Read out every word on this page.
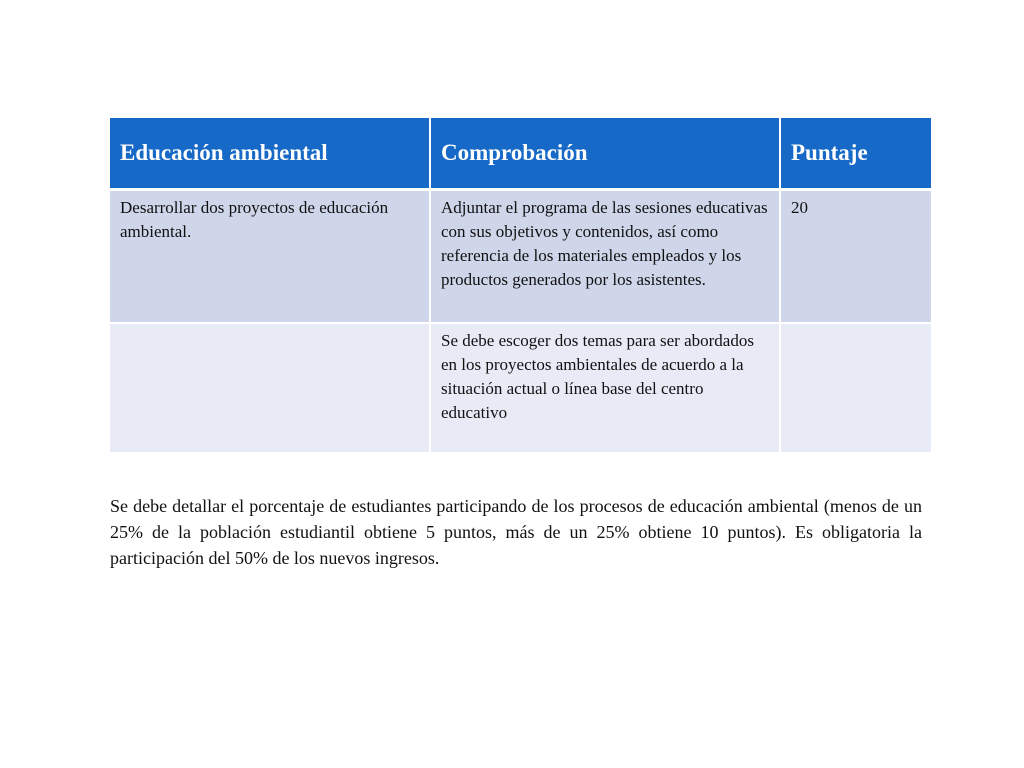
Educación ambiental	Comprobación	Puntaje
Desarrollar dos proyectos de educación ambiental.	Adjuntar el programa de las sesiones educativas con sus objetivos y contenidos, así como referencia de los materiales empleados y los productos generados por los asistentes.	20
	Se debe escoger dos temas para ser abordados en los proyectos ambientales de acuerdo a la situación actual o línea base del centro educativo	

Se debe detallar el porcentaje de estudiantes participando de los procesos de educación ambiental (menos de un 25% de la población estudiantil obtiene 5 puntos, más de un 25% obtiene 10 puntos). Es obligatoria la participación del 50% de los nuevos ingresos.
